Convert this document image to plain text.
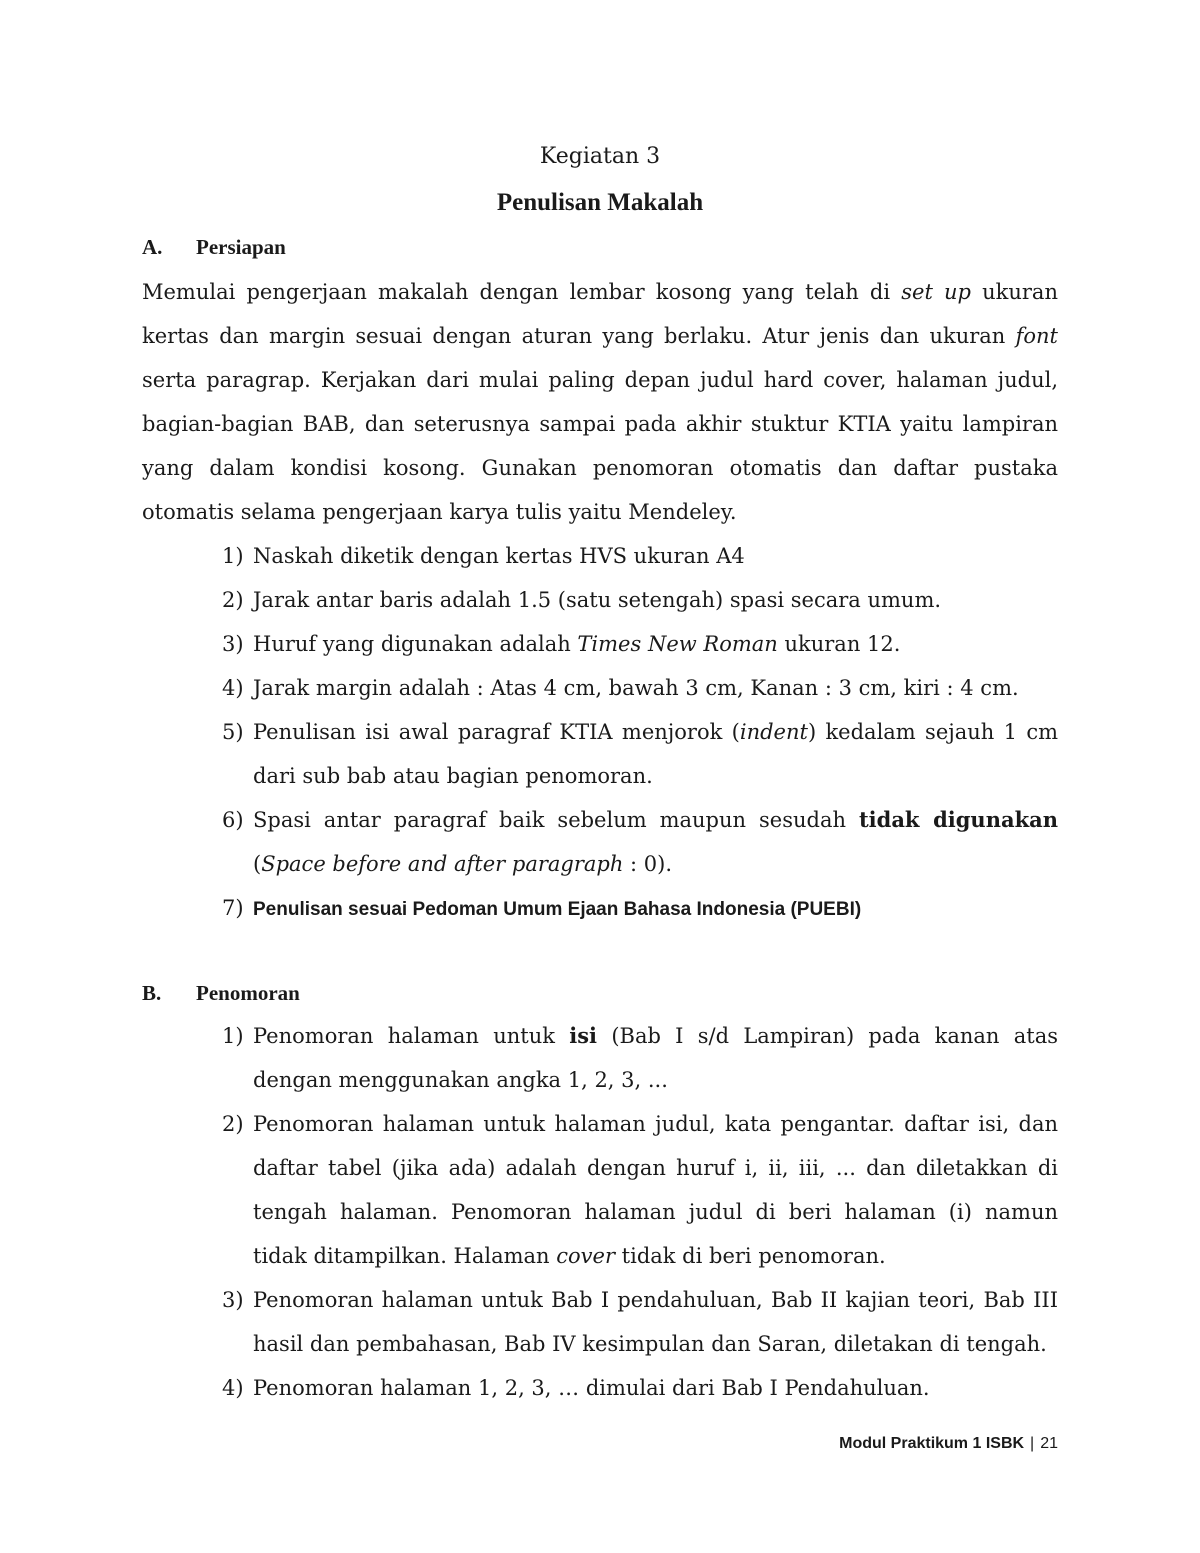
Kegiatan 3
Penulisan Makalah
A. Persiapan
Memulai pengerjaan makalah dengan lembar kosong yang telah di set up ukuran kertas dan margin sesuai dengan aturan yang berlaku. Atur jenis dan ukuran font serta paragrap. Kerjakan dari mulai paling depan judul hard cover, halaman judul, bagian-bagian BAB, dan seterusnya sampai pada akhir stuktur KTIA yaitu lampiran yang dalam kondisi kosong. Gunakan penomoran otomatis dan daftar pustaka otomatis selama pengerjaan karya tulis yaitu Mendeley.
1) Naskah diketik dengan kertas HVS ukuran A4
2) Jarak antar baris adalah 1.5 (satu setengah) spasi secara umum.
3) Huruf yang digunakan adalah Times New Roman ukuran 12.
4) Jarak margin adalah : Atas 4 cm, bawah 3 cm, Kanan : 3 cm, kiri : 4 cm.
5) Penulisan isi awal paragraf KTIA menjorok (indent) kedalam sejauh 1 cm dari sub bab atau bagian penomoran.
6) Spasi antar paragraf baik sebelum maupun sesudah tidak digunakan (Space before and after paragraph : 0).
7) Penulisan sesuai Pedoman Umum Ejaan Bahasa Indonesia (PUEBI)
B. Penomoran
1) Penomoran halaman untuk isi (Bab I s/d Lampiran) pada kanan atas dengan menggunakan angka 1, 2, 3, ...
2) Penomoran halaman untuk halaman judul, kata pengantar. daftar isi, dan daftar tabel (jika ada) adalah dengan huruf i, ii, iii, ... dan diletakkan di tengah halaman. Penomoran halaman judul di beri halaman (i) namun tidak ditampilkan. Halaman cover tidak di beri penomoran.
3) Penomoran halaman untuk Bab I pendahuluan, Bab II kajian teori, Bab III hasil dan pembahasan, Bab IV kesimpulan dan Saran, diletakan di tengah.
4) Penomoran halaman 1, 2, 3, … dimulai dari Bab I Pendahuluan.
Modul Praktikum 1 ISBK | 21
